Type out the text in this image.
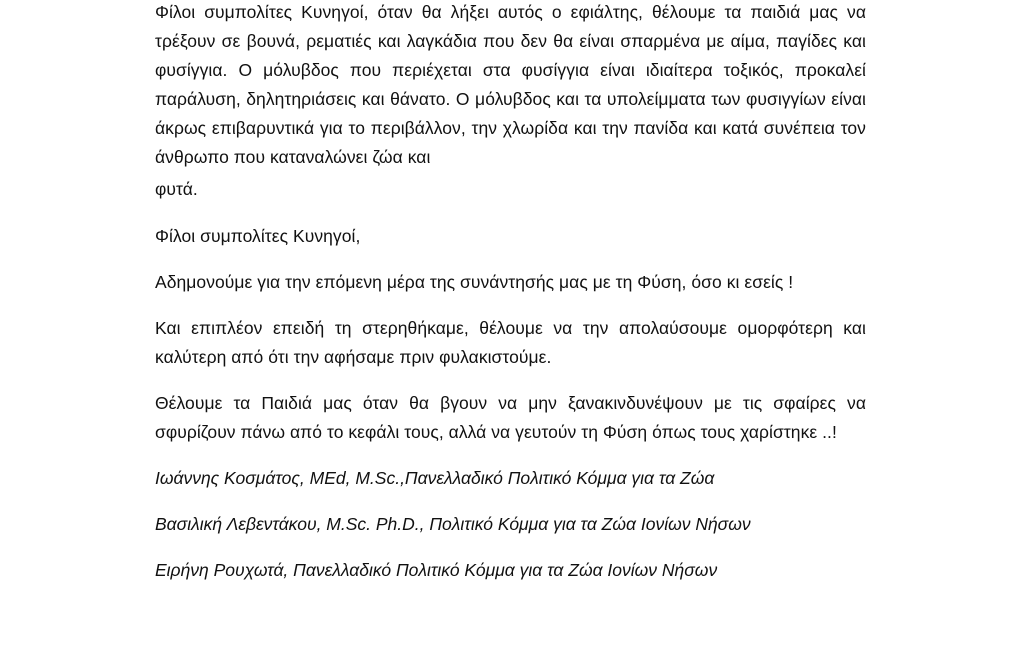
Φίλοι συμπολίτες Κυνηγοί, όταν θα λήξει αυτός ο εφιάλτης, θέλουμε τα παιδιά μας να τρέξουν σε βουνά, ρεματιές και λαγκάδια που δεν θα είναι σπαρμένα με αίμα, παγίδες και φυσίγγια. Ο μόλυβδος που περιέχεται στα φυσίγγια είναι ιδιαίτερα τοξικός, προκαλεί παράλυση, δηλητηριάσεις και θάνατο. Ο μόλυβδος και τα υπολείμματα των φυσιγγίων είναι άκρως επιβαρυντικά για το περιβάλλον, την χλωρίδα και την πανίδα και κατά συνέπεια τον άνθρωπο που καταναλώνει ζώα και
φυτά.

Φίλοι συμπολίτες Κυνηγοί,

Αδημονούμε για την επόμενη μέρα της συνάντησής μας με τη Φύση, όσο κι εσείς !

Και επιπλέον επειδή τη στερηθήκαμε, θέλουμε να την απολαύσουμε ομορφότερη και καλύτερη από ότι την αφήσαμε πριν φυλακιστούμε.

Θέλουμε τα Παιδιά μας όταν θα βγουν να μην ξανακινδυνέψουν με τις σφαίρες να σφυρίζουν πάνω από το κεφάλι τους, αλλά να γευτούν τη Φύση όπως τους χαρίστηκε ..!

Ιωάννης Κοσμάτος, MEd, M.Sc.,Πανελλαδικό Πολιτικό Κόμμα για τα Ζώα

Βασιλική Λεβεντάκου, M.Sc. Ph.D., Πολιτικό Κόμμα για τα Ζώα Ιονίων Νήσων

Ειρήνη Ρουχωτά, Πανελλαδικό Πολιτικό Κόμμα για τα Ζώα Ιονίων Νήσων
